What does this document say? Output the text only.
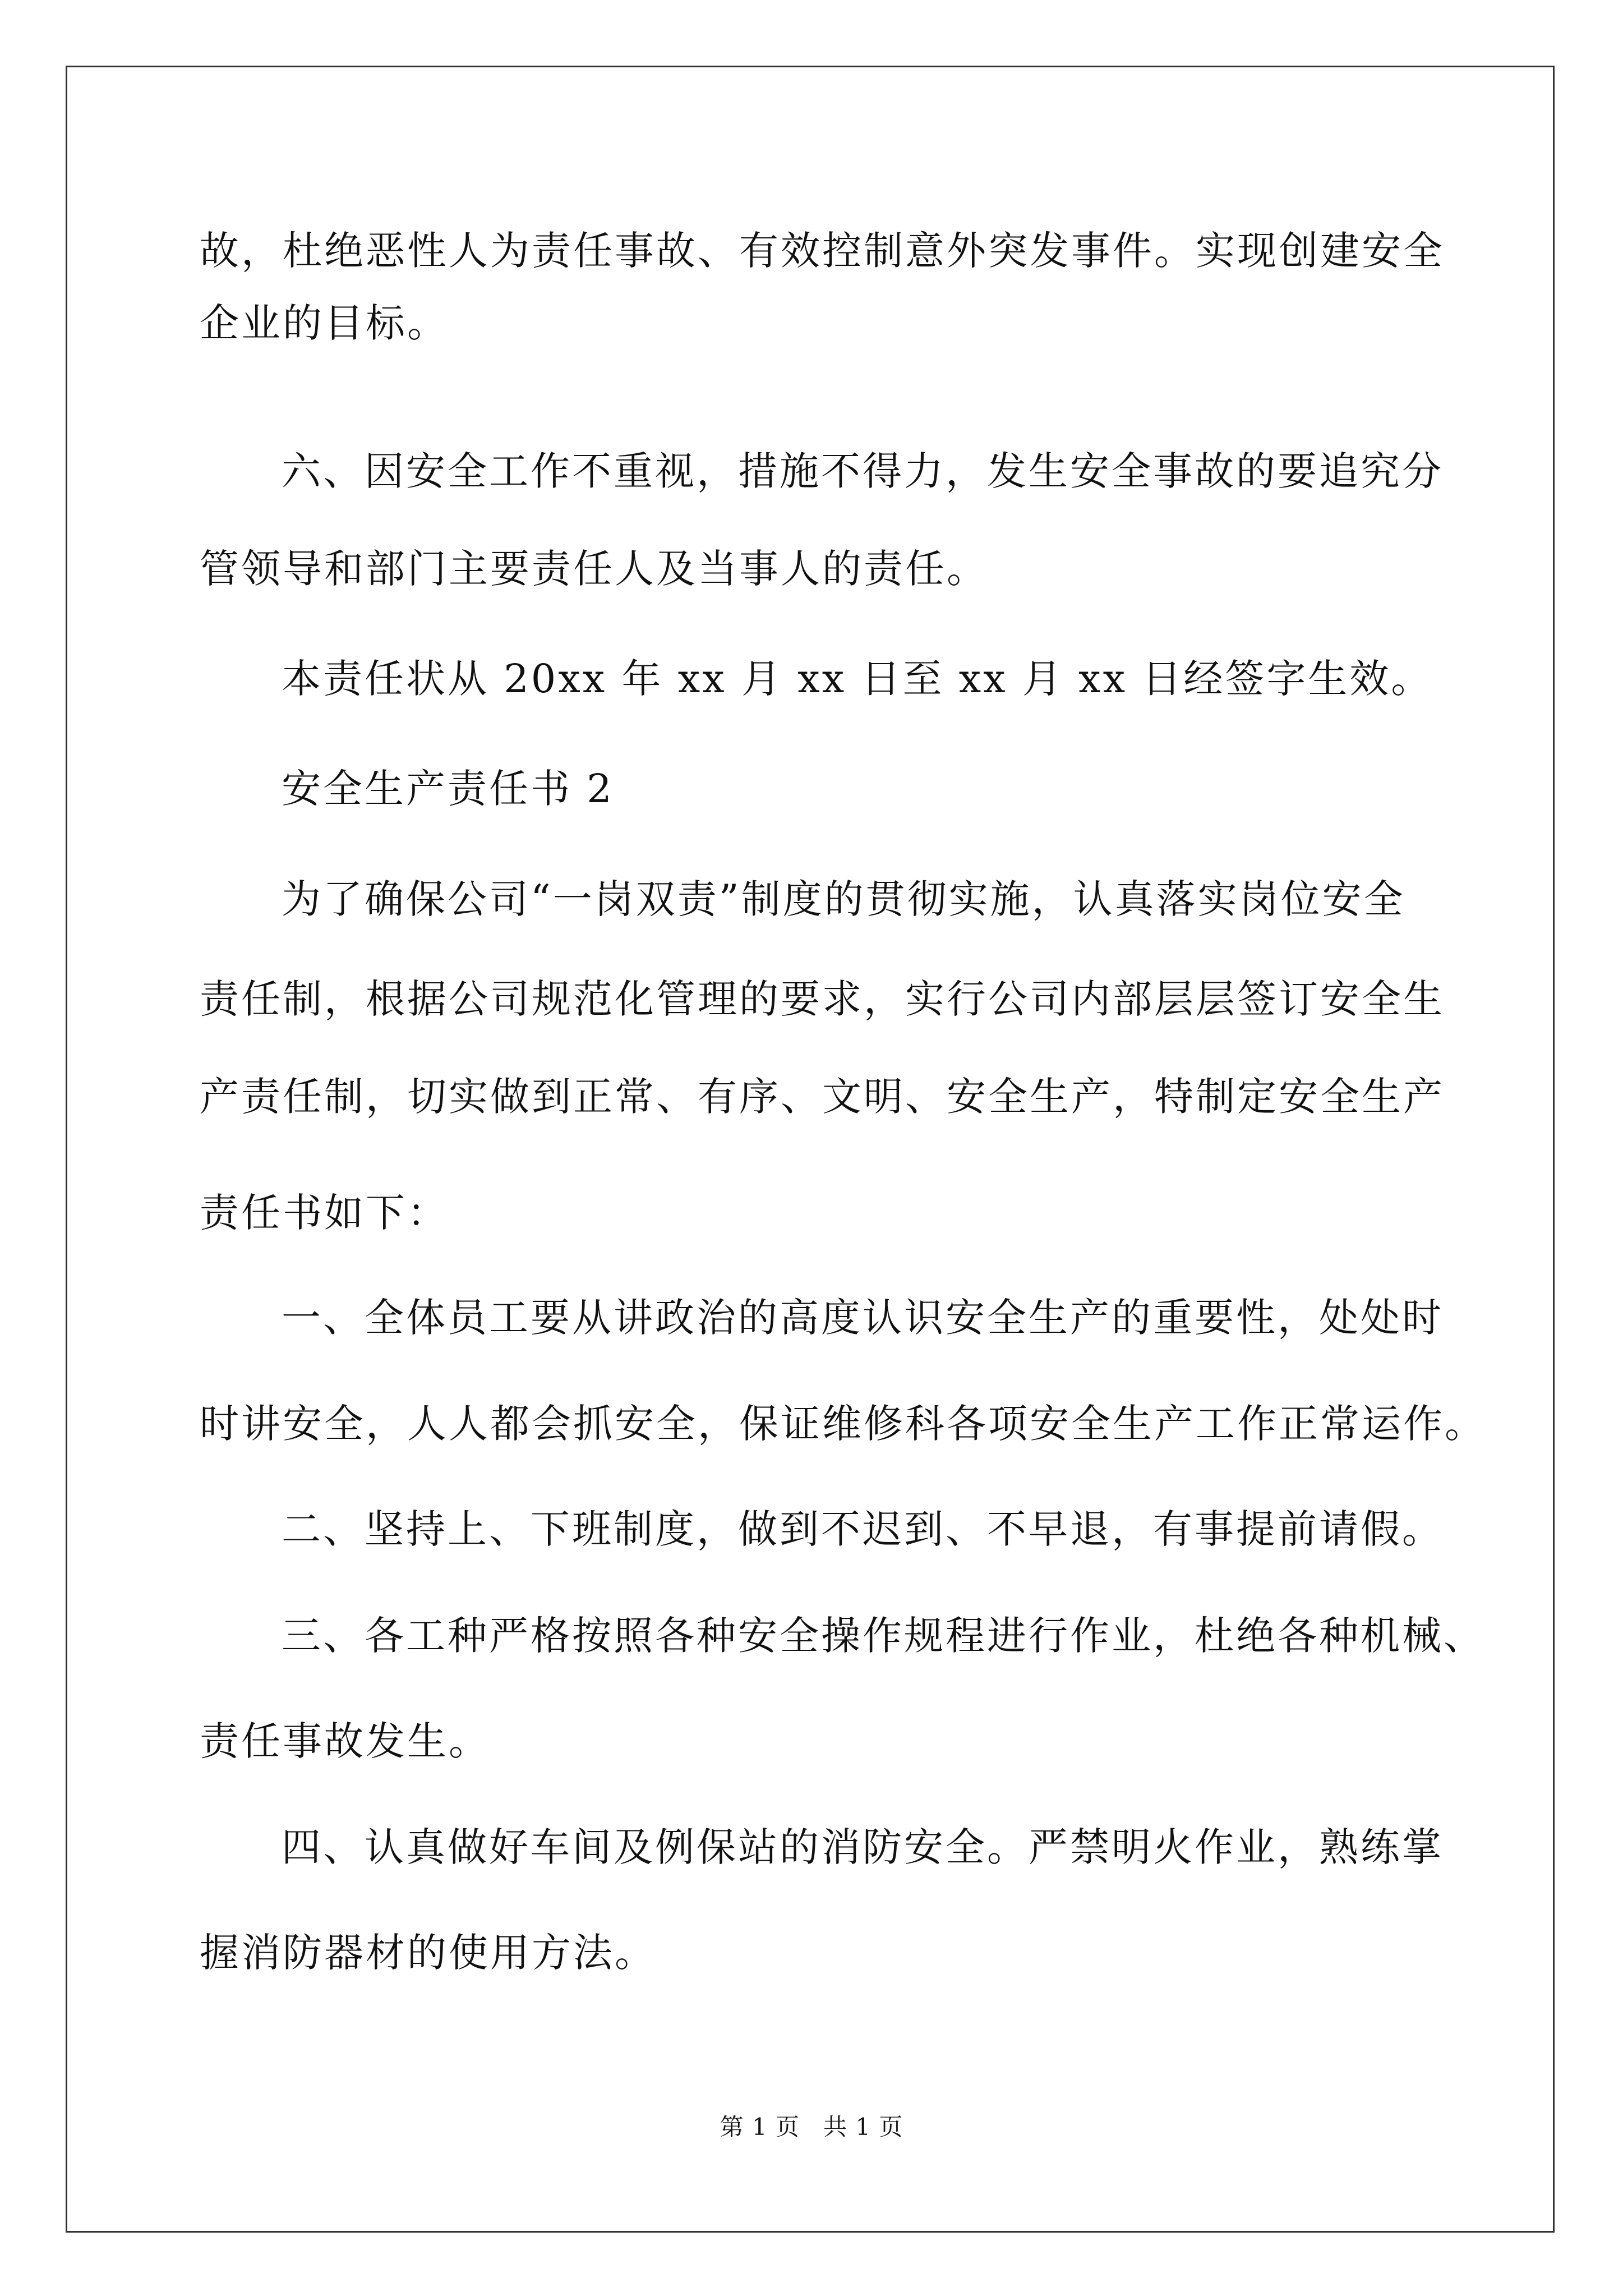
故，杜绝恶性人为责任事故、有效控制意外突发事件。实现创建安全
企业的目标。
六、因安全工作不重视，措施不得力，发生安全事故的要追究分
管领导和部门主要责任人及当事人的责任。
本责任状从 20xx 年 xx 月 xx 日至 xx 月 xx 日经签字生效。
安全生产责任书 2
为了确保公司“一岗双责”制度的贯彻实施，认真落实岗位安全
责任制，根据公司规范化管理的要求，实行公司内部层层签订安全生
产责任制，切实做到正常、有序、文明、安全生产，特制定安全生产
责任书如下：
一、全体员工要从讲政治的高度认识安全生产的重要性，处处时
时讲安全，人人都会抓安全，保证维修科各项安全生产工作正常运作。
二、坚持上、下班制度，做到不迟到、不早退，有事提前请假。
三、各工种严格按照各种安全操作规程进行作业，杜绝各种机械、
责任事故发生。
四、认真做好车间及例保站的消防安全。严禁明火作业，熟练掌
握消防器材的使用方法。
第 1 页 共 1 页
